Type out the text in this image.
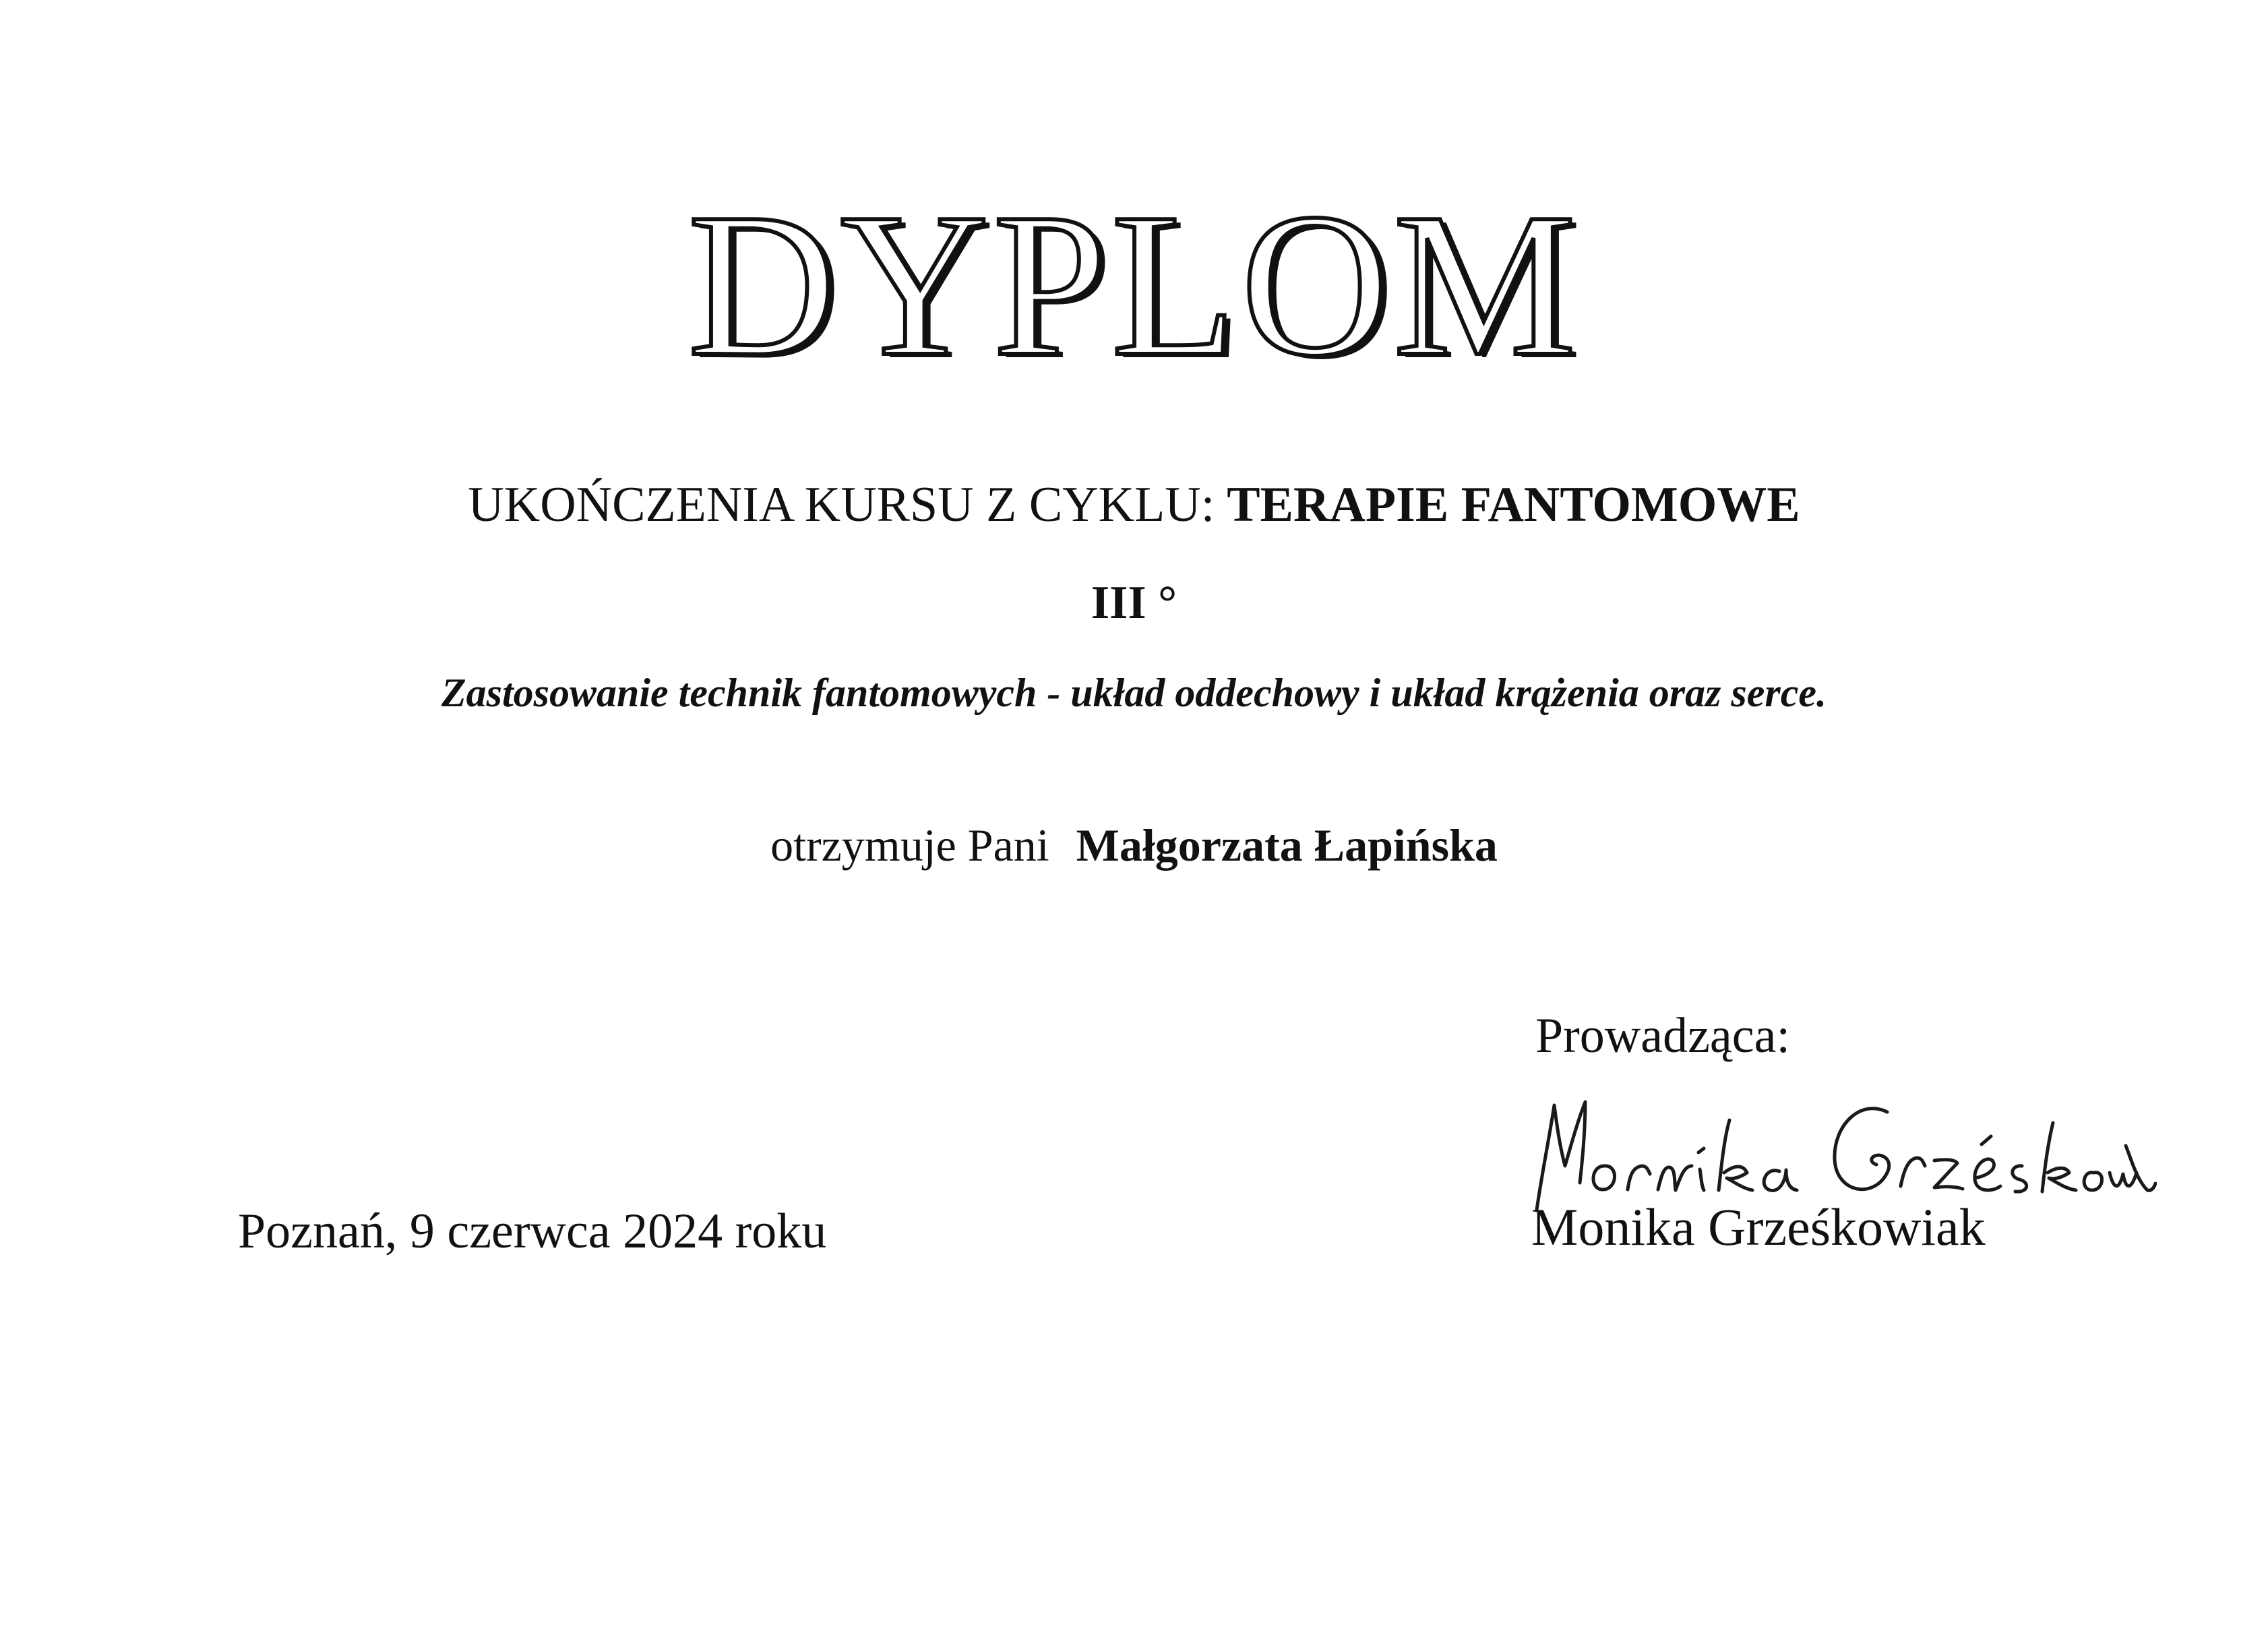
DYPLOM
UKOŃCZENIA KURSU Z CYKLU: TERAPIE FANTOMOWE
III °
Zastosowanie technik fantomowych - układ oddechowy i układ krążenia oraz serce.
otrzymuje Pani Małgorzata Łapińska
Poznań, 9 czerwca 2024 roku
Prowadząca:
Monika Grześkowiak
